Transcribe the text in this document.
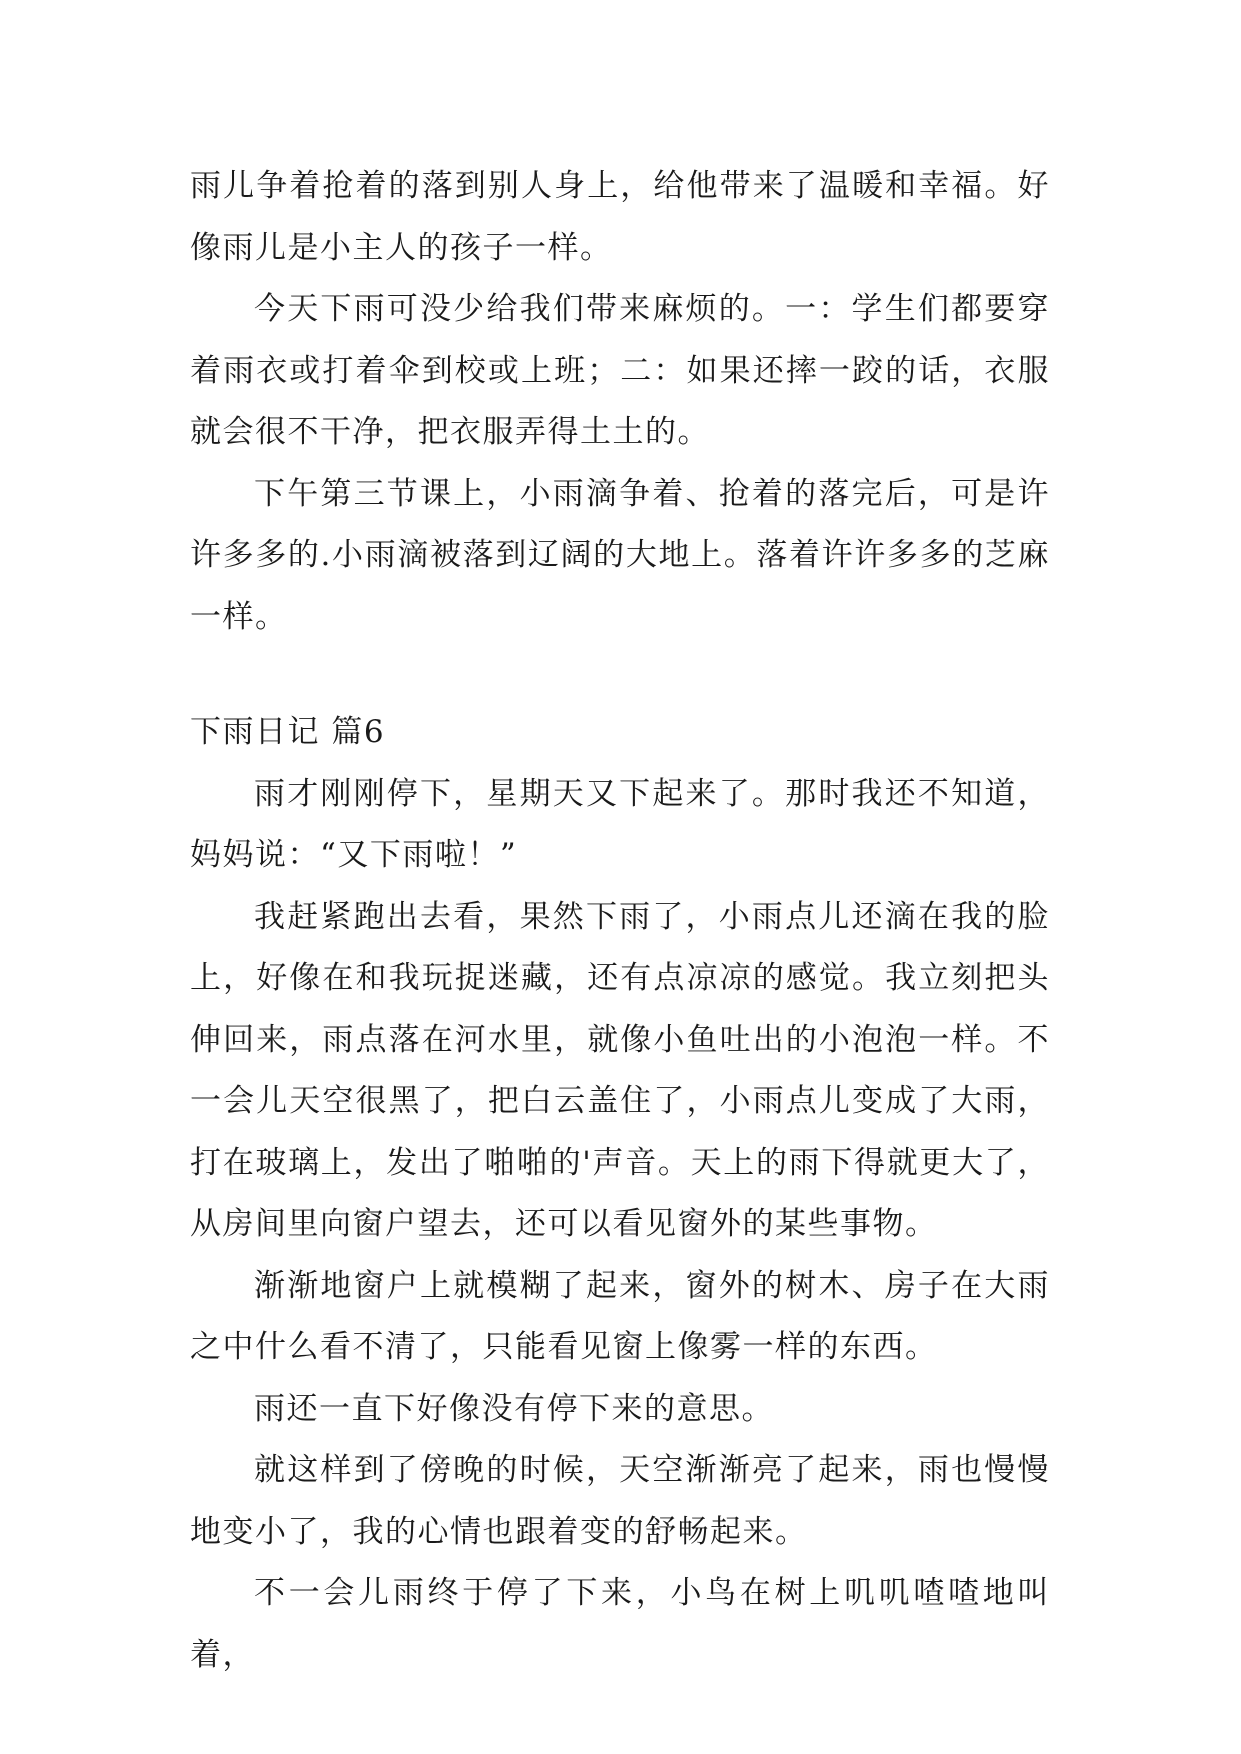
雨儿争着抢着的落到别人身上，给他带来了温暖和幸福。好像雨儿是小主人的孩子一样。

今天下雨可没少给我们带来麻烦的。一：学生们都要穿着雨衣或打着伞到校或上班；二：如果还摔一跤的话，衣服就会很不干净，把衣服弄得土土的。

下午第三节课上，小雨滴争着、抢着的落完后，可是许许多多的.小雨滴被落到辽阔的大地上。落着许许多多的芝麻一样。

下雨日记 篇6

雨才刚刚停下，星期天又下起来了。那时我还不知道，妈妈说：“又下雨啦！”

我赶紧跑出去看，果然下雨了，小雨点儿还滴在我的脸上，好像在和我玩捉迷藏，还有点凉凉的感觉。我立刻把头伸回来，雨点落在河水里，就像小鱼吐出的小泡泡一样。不一会儿天空很黑了，把白云盖住了，小雨点儿变成了大雨，打在玻璃上，发出了啪啪的'声音。天上的雨下得就更大了，从房间里向窗户望去，还可以看见窗外的某些事物。

渐渐地窗户上就模糊了起来，窗外的树木、房子在大雨之中什么看不清了，只能看见窗上像雾一样的东西。

雨还一直下好像没有停下来的意思。

就这样到了傍晚的时候，天空渐渐亮了起来，雨也慢慢地变小了，我的心情也跟着变的舒畅起来。

不一会儿雨终于停了下来，小鸟在树上叽叽喳喳地叫着，
